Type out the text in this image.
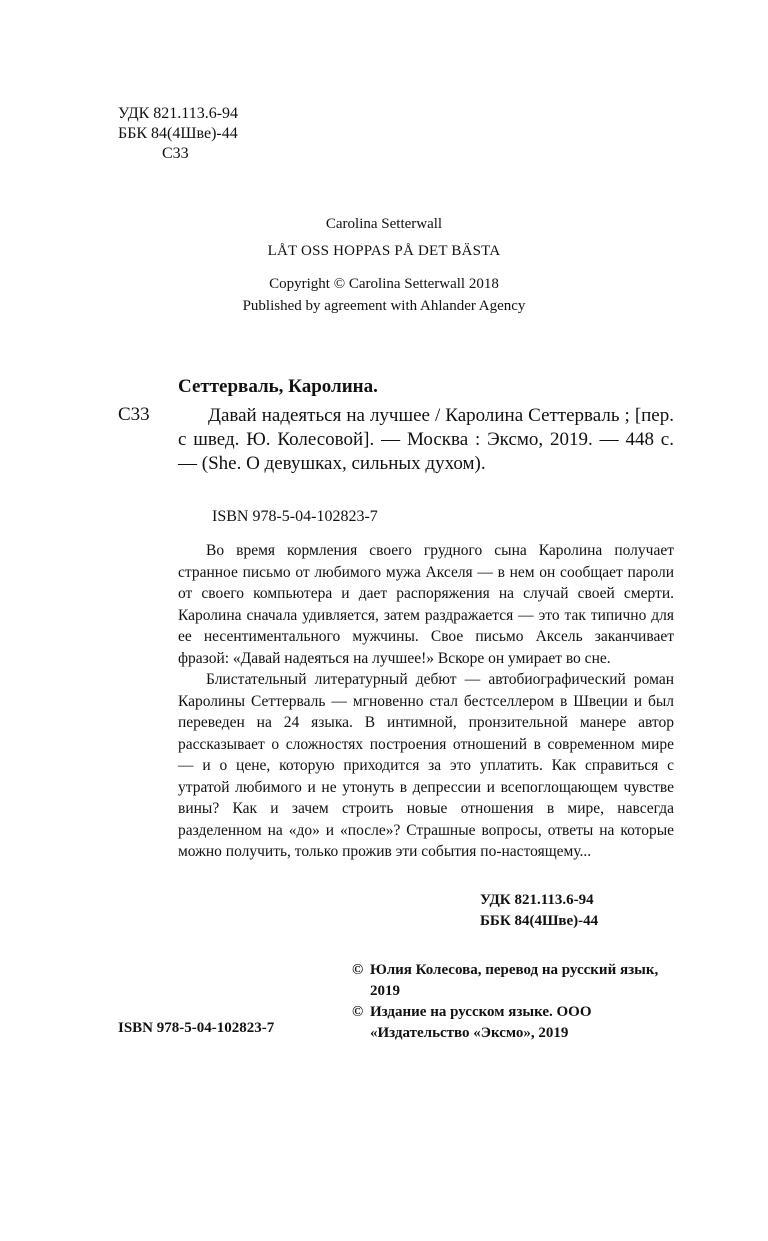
УДК 821.113.6-94
ББК 84(4Шве)-44
С33
Carolina Setterwall
LÅT OSS HOPPAS PÅ DET BÄSTA
Copyright © Carolina Setterwall 2018
Published by agreement with Ahlander Agency
Сеттерваль, Каролина.
С33	Давай надеяться на лучшее / Каролина Сеттерваль ; [пер. с швед. Ю. Колесовой]. — Москва : Эксмо, 2019. — 448 с. — (She. О девушках, сильных духом).
ISBN 978-5-04-102823-7

Во время кормления своего грудного сына Каролина получает странное письмо от любимого мужа Акселя — в нем он сообщает пароли от своего компьютера и дает распоряжения на случай своей смерти. Каролина сначала удивляется, затем раздражается — это так типично для ее несентиментального мужчины. Свое письмо Аксель заканчивает фразой: «Давай надеяться на лучшее!» Вскоре он умирает во сне.

Блистательный литературный дебют — автобиографический роман Каролины Сеттерваль — мгновенно стал бестселлером в Швеции и был переведен на 24 языка. В интимной, пронзительной манере автор рассказывает о сложностях построения отношений в современном мире — и о цене, которую приходится за это уплатить. Как справиться с утратой любимого и не утонуть в депрессии и всепоглощающем чувстве вины? Как и зачем строить новые отношения в мире, навсегда разделенном на «до» и «после»? Страшные вопросы, ответы на которые можно получить, только прожив эти события по-настоящему...

УДК 821.113.6-94
ББК 84(4Шве)-44
ISBN 978-5-04-102823-7
© Юлия Колесова, перевод на русский язык, 2019
© Издание на русском языке. ООО «Издательство «Эксмо», 2019
